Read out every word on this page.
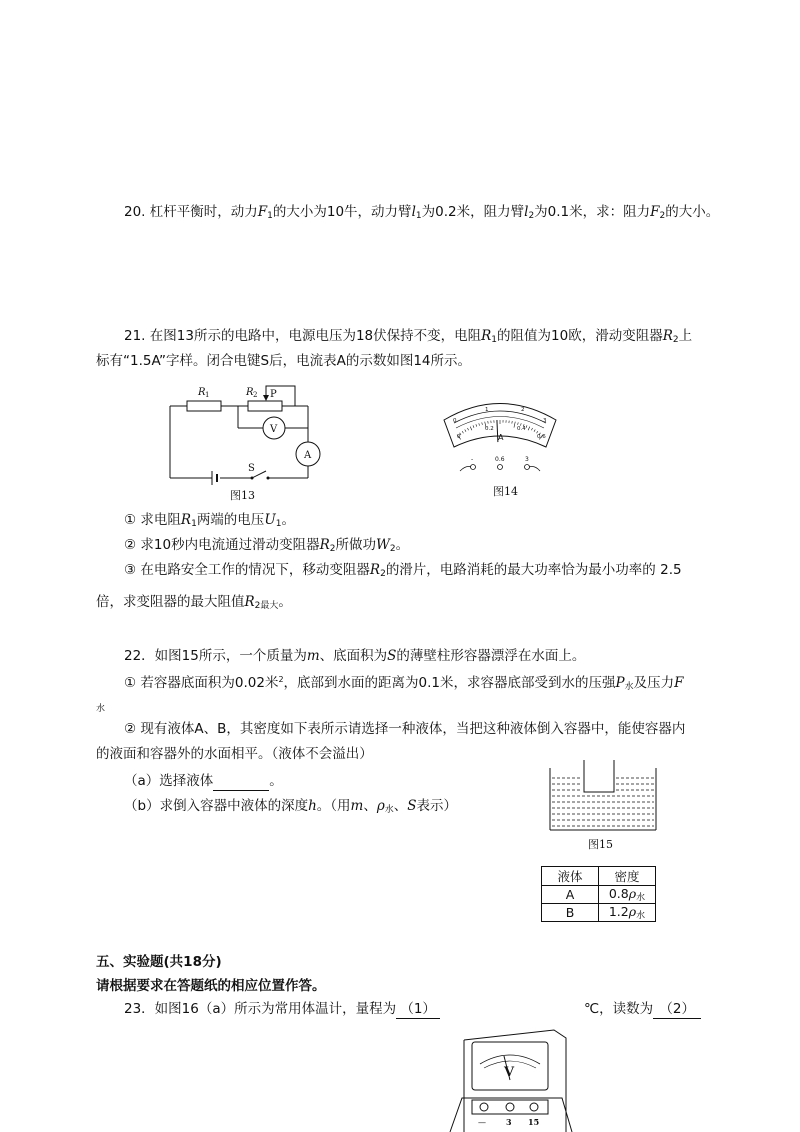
20. 杠杆平衡时，动力$F_1$的大小为10牛，动力臂$l_1$为0.2米，阻力臂$l_2$为0.1米，求：阻力$F_2$的大小。
21. 在图13所示的电路中，电源电压为18伏保持不变，电阻$R_1$的阻值为10欧，滑动变阻器$R_2$上
标有“1.5A”字样。闭合电键S后，电流表A的示数如图14所示。
R 1	R 2 P
V
A
S
图13
0
1	2
3
0
0.2	0.4
0.6
A
-	0.6	3
图14
① 求电阻$R_1$两端的电压$U_1$。
② 求10秒内电流通过滑动变阻器$R_2$所做功$W_2$。
③ 在电路安全工作的情况下，移动变阻器$R_2$的滑片，电路消耗的最大功率恰为最小功率的 2.5
倍，求变阻器的最大阻值$R_{2最大}$。
22．如图15所示，一个质量为m、底面积为S的薄壁柱形容器漂浮在水面上。
① 若容器底面积为0.02米$^2$，底部到水面的距离为0.1米，求容器底部受到水的压强$P_水$及压力F
水
② 现有液体A、B，其密度如下表所示请选择一种液体，当把这种液体倒入容器中，能使容器内
的液面和容器外的水面相平。（液体不会溢出）
（a）选择液体	。
（b）求倒入容器中液体的深度h。（用m、$\rho_水$、S表示）
图15
液体	密度
A	$0.8\rho_水$
B	$1.2\rho_水$
五、实验题(共18分)
请根据要求在答题纸的相应位置作答。
23．如图16（a）所示为常用体温计，量程为 （1）	℃，读数为 （2）
V
—	3 15
